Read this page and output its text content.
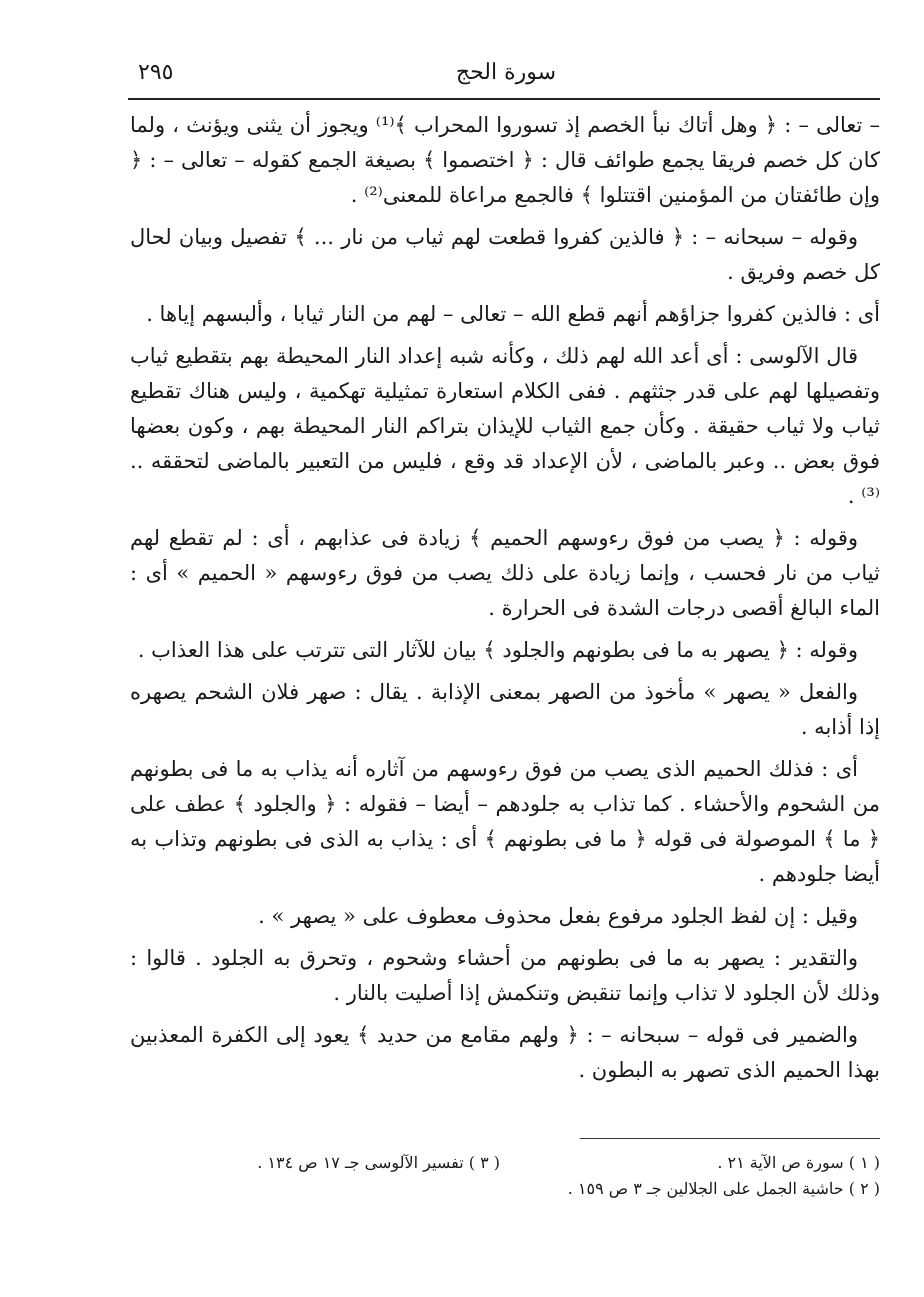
سورة الحج
٢٩٥

– تعالى – : ﴿ وهل أتاك نبأ الخصم إذ تسوروا المحراب ﴾⁽¹⁾ ويجوز أن يثنى ويؤنث ، ولما كان كل خصم فريقا يجمع طوائف قال : ﴿ اختصموا ﴾ بصيغة الجمع كقوله – تعالى – : ﴿ وإن طائفتان من المؤمنين اقتتلوا ﴾ فالجمع مراعاة للمعنى⁽²⁾ .

وقوله – سبحانه – : ﴿ فالذين كفروا قطعت لهم ثياب من نار ... ﴾ تفصيل وبيان لحال كل خصم وفريق .

أى : فالذين كفروا جزاؤهم أنهم قطع الله – تعالى – لهم من النار ثيابا ، وألبسهم إياها .

قال الآلوسى : أى أعد الله لهم ذلك ، وكأنه شبه إعداد النار المحيطة بهم بتقطيع ثياب وتفصيلها لهم على قدر جثثهم . ففى الكلام استعارة تمثيلية تهكمية ، وليس هناك تقطيع ثياب ولا ثياب حقيقة . وكأن جمع الثياب للإيذان بتراكم النار المحيطة بهم ، وكون بعضها فوق بعض .. وعبر بالماضى ، لأن الإعداد قد وقع ، فليس من التعبير بالماضى لتحققه ..⁽³⁾ .

وقوله : ﴿ يصب من فوق رءوسهم الحميم ﴾ زيادة فى عذابهم ، أى : لم تقطع لهم ثياب من نار فحسب ، وإنما زيادة على ذلك يصب من فوق رءوسهم « الحميم » أى : الماء البالغ أقصى درجات الشدة فى الحرارة .

وقوله : ﴿ يصهر به ما فى بطونهم والجلود ﴾ بيان للآثار التى تترتب على هذا العذاب .

والفعل « يصهر » مأخوذ من الصهر بمعنى الإذابة . يقال : صهر فلان الشحم يصهره إذا أذابه .

أى : فذلك الحميم الذى يصب من فوق رءوسهم من آثاره أنه يذاب به ما فى بطونهم من الشحوم والأحشاء . كما تذاب به جلودهم – أيضا – فقوله : ﴿ والجلود ﴾ عطف على ﴿ ما ﴾ الموصولة فى قوله ﴿ ما فى بطونهم ﴾ أى : يذاب به الذى فى بطونهم وتذاب به أيضا جلودهم .

وقيل : إن لفظ الجلود مرفوع بفعل محذوف معطوف على « يصهر » .

والتقدير : يصهر به ما فى بطونهم من أحشاء وشحوم ، وتحرق به الجلود . قالوا : وذلك لأن الجلود لا تذاب وإنما تنقبض وتنكمش إذا أصليت بالنار .

والضمير فى قوله – سبحانه – : ﴿ ولهم مقامع من حديد ﴾ يعود إلى الكفرة المعذبين بهذا الحميم الذى تصهر به البطون .

( ١ ) سورة ص الآية ٢١ .
( ٣ ) تفسير الآلوسى جـ ١٧ ص ١٣٤ .
( ٢ ) حاشية الجمل على الجلالين جـ ٣ ص ١٥٩ .
